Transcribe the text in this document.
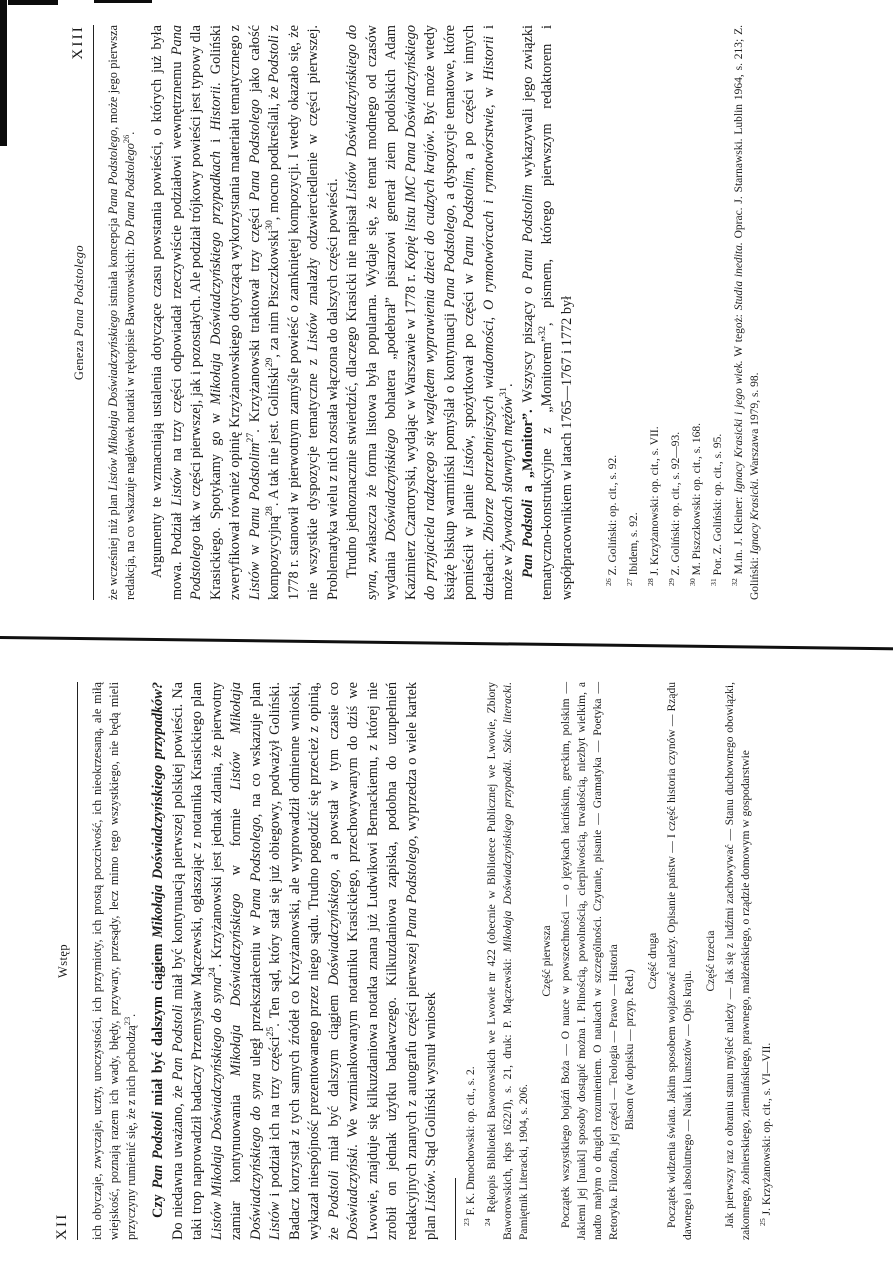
Geneza Pana Podstolego
XIII
że wcześniej niż plan Listów Mikołaja Doświadczyńskiego istniała koncepcja Pana Podstolego, może jego pierwsza redakcja, na co wskazuje nagłówek notatki w rękopisie Baworowskich: Do Pana Podstolego$^{26}$. Argumenty te wzmacniają ustalenia dotyczące czasu powstania powieści, o których już była mowa. Podział Listów na trzy części odpowiadał rzeczywiście podziałowi wewnętrznemu Pana Podstolego tak w części pierwszej, jak i pozostałych. Ale podział trójkowy powieści jest typowy dla Krasickiego. Spotykamy go w Mikołaja Doświadczyńskiego przypadkach i Historii. Goliński zweryfikował również opinię Krzyżanowskiego dotyczącą wykorzystania materiału tematycznego z Listów w Panu Podstolim$^{27}$. Krzyżanowski traktował trzy części Pana Podstolego jako całość kompozycyjną$^{28}$. A tak nie jest. Goliński$^{29}$, za nim Piszczkowski$^{30}$, mocno podkreślali, że Podstoli z 1778 r. stanowił w pierwotnym zamyśle powieść o zamkniętej kompozycji. I wtedy okazało się, że nie wszystkie dyspozycje tematyczne z Listów znalazły odzwierciedlenie w części pierwszej. Problematyka wielu z nich została włączona do dalszych części powieści. Trudno jednoznacznie stwierdzić, dlaczego Krasicki nie napisał Listów Doświadczyńskiego do syna, zwłaszcza że forma listowa była popularna. Wydaje się, że temat modnego od czasów wydania Doświadczyńskiego bohatera „podebrał” pisarzowi generał ziem podolskich Adam Kazimierz Czartoryski, wydając w Warszawie w 1778 r. Kopię listu IMC Pana Doświadczyńskiego do przyjaciela radzącego się względem wyprawienia dzieci do cudzych krajów. Być może wtedy książę biskup warmiński pomyślał o kontynuacji Pana Podstolego, a dyspozycje tematowe, które pomieścił w planie Listów, spożytkował po części w Panu Podstolim, a po części w innych dziełach: Zbiorze potrzebniejszych wiadomości, O rymotwórcach i rymotwórstwie, w Historii i może w Żywotach sławnych mężów$^{31}$.
Pan Podstoli a „Monitor”. Wszyscy piszący o Panu Podstolim wykazywali jego związki tematyczno-konstrukcyjne z „Monitorem”$^{32}$, pismem, którego pierwszym redaktorem i współpracownikiem w latach 1765—1767 i 1772 był	$^{26}$ Z. Goliński: op. cit., s. 92.
$^{27}$ Ibidem, s. 92.
$^{28}$ J. Krzyżanowski: op. cit., s. VII.
$^{29}$ Z. Goliński: op. cit., s. 92—93.
$^{30}$ M. Piszczkowski: op. cit., s. 168.
$^{31}$ Por. Z. Goliński: op. cit., s. 95.
$^{32}$ M.in. J. Kleiner: Ignacy Krasicki i jego wiek. W tegoż: Studia inedita. Oprac. J. Starnawski. Lublin 1964, s. 213; Z. Goliński: Ignacy Krasicki. Warszawa 1979, s. 98.
XII
Wstęp ich obyczaje, zwyczaje, uczty, uroczystości, ich przymioty, ich prostą poczciwość, ich nieokrzesaną, ale miłą wiejskość, poznają razem ich wady, błędy, przywary, przesądy, lecz mimo tego wszystkiego, nie będą mieli przyczyny rumienić się, że z nich pochodzą$^{23}$.
Czy Pan Podstoli miał być dalszym ciągiem Mikołaja Doświadczyńskiego przypadków? Do niedawna uważano, że Pan Podstoli miał być kontynuacją pierwszej polskiej powieści. Na taki trop naprowadził badaczy Przemysław Mączewski, ogłaszając z notatnika Krasickiego plan Listów Mikołaja Doświadczyńskiego do syna$^{24}$. Krzyżanowski jest jednak zdania, że pierwotny zamiar kontynuowania Mikołaja Doświadczyńskiego w formie Listów Mikołaja Doświadczyńskiego do syna uległ przekształceniu w Pana Podstolego, na co wskazuje plan Listów i podział ich na trzy części$^{25}$. Ten sąd, który stał się już obiegowy, podważył Goliński. Badacz korzystał z tych samych źródeł co Krzyżanowski, ale wyprowadził odmienne wnioski, wykazał niespójność prezentowanego przez niego sądu. Trudno pogodzić się przecież z opinią, że Podstoli miał być dalszym ciągiem Doświadczyńskiego, a powstał w tym czasie co Doświadczyński. We wzmiankowanym notatniku Krasickiego, przechowywanym do dziś we Lwowie, znajduje się kilkuzdaniowa notatka znana już Ludwikowi Bernackiemu, z której nie zrobił on jednak użytku badawczego. Kilkuzdaniowa zapiska, podobna do uzupełnień redakcyjnych znanych z autografu części pierwszej Pana Podstolego, wyprzedza o wiele kartek plan Listów. Stąd Goliński wysnuł wniosek
$^{23}$ F. K. Dmochowski: op. cit., s. 2.
$^{24}$ Rękopis Biblioteki Baworowskich we Lwowie nr 422 (obecnie w Bibliotece Publicznej we Lwowie, Zbiory Baworowskich, rkps 1622/I), s. 21, druk: P. Mączewski: Mikołaja Doświadczyńskiego przypadki. Szkic literacki. Pamiętnik Literacki, 1904, s. 206.
Część pierwsza Początek wszystkiego bojaźń Boża — O nauce w powszechności — o językach łacińskim, greckim, polskim — Jakiemi jej [nauki] sposoby dostąpić można I. Pilnością, powolnością, cierpliwością, trwałością, niezbyt wielkim, a nadto małym o drugich rozumieniem. O naukach w szczególności. Czytanie, pisanie — Gramatyka — Poetyka — Retoryka. Filozofia, jej części — Teologia — Prawo — Historia Blason (w dopisku — przyp. Red.)
Część druga Początek widzenia świata. Jakim sposobem wojażować należy. Opisanie państw — I część historia czynów — Rządu dawnego i absolutnego — Nauk i kunsztów — Opis kraju.
Część trzecia Jak pierwszy raz o obraniu stanu myśleć należy — Jak się z ludźmi zachowywać — Stanu duchownego obowiązki, zakonnego, żołnierskiego, ziemiańskiego, prawnego, małżeńskiego, o rządzie domowym w gospodarstwie $^{25}$ J. Krzyżanowski: op. cit., s. VI—VII.
